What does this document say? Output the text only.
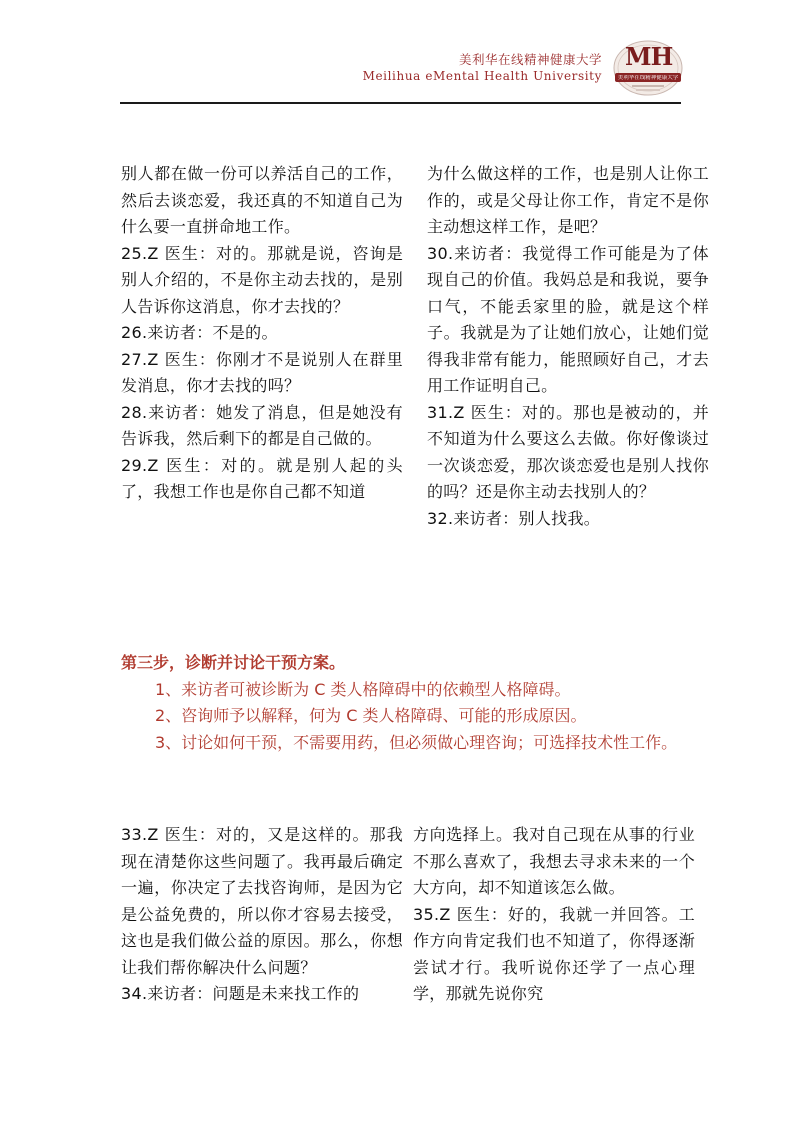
美利华在线精神健康大学
Meilihua eMental Health University
MH
美利华在线精神健康大学

别人都在做一份可以养活自己的工作，然后去谈恋爱，我还真的不知道自己为什么要一直拼命地工作。

25.Z 医生：对的。那就是说，咨询是别人介绍的，不是你主动去找的，是别人告诉你这消息，你才去找的？

26.来访者：不是的。

27.Z 医生：你刚才不是说别人在群里发消息，你才去找的吗？

28.来访者：她发了消息，但是她没有告诉我，然后剩下的都是自己做的。

29.Z 医生：对的。就是别人起的头了，我想工作也是你自己都不知道

为什么做这样的工作，也是别人让你工作的，或是父母让你工作，肯定不是你主动想这样工作，是吧？

30.来访者：我觉得工作可能是为了体现自己的价值。我妈总是和我说，要争口气，不能丢家里的脸，就是这个样子。我就是为了让她们放心，让她们觉得我非常有能力，能照顾好自己，才去用工作证明自己。

31.Z 医生：对的。那也是被动的，并不知道为什么要这么去做。你好像谈过一次谈恋爱，那次谈恋爱也是别人找你的吗？还是你主动去找别人的？

32.来访者：别人找我。

第三步，诊断并讨论干预方案。

1、来访者可被诊断为 C 类人格障碍中的依赖型人格障碍。

2、咨询师予以解释，何为 C 类人格障碍、可能的形成原因。

3、讨论如何干预，不需要用药，但必须做心理咨询；可选择技术性工作。

33.Z 医生：对的，又是这样的。那我现在清楚你这些问题了。我再最后确定一遍，你决定了去找咨询师，是因为它是公益免费的，所以你才容易去接受，这也是我们做公益的原因。那么，你想让我们帮你解决什么问题？

34.来访者：问题是未来找工作的

方向选择上。我对自己现在从事的行业不那么喜欢了，我想去寻求未来的一个大方向，却不知道该怎么做。

35.Z 医生：好的，我就一并回答。工作方向肯定我们也不知道了，你得逐渐尝试才行。我听说你还学了一点心理学，那就先说你究
